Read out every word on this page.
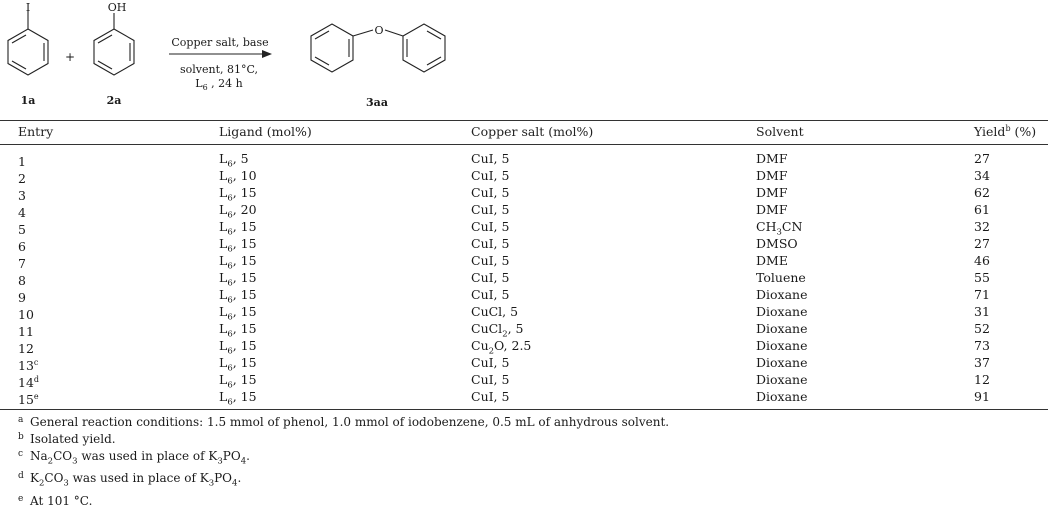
I	OH
+
1a	2a
Copper salt, base
solvent, 81°C,
$L_6$ , 24 h
O
3aa
Entry	Ligand (mol%)	Copper salt (mol%)	Solvent	Yield$^b$ (%)
1	$L_6$, 5	CuI, 5	DMF	27
2	$L_6$, 10	CuI, 5	DMF	34
3	$L_6$, 15	CuI, 5	DMF	62
4	$L_6$, 20	CuI, 5	DMF	61
5	$L_6$, 15	CuI, 5	$CH_3CN$	32
6	$L_6$, 15	CuI, 5	DMSO	27
7	$L_6$, 15	CuI, 5	DME	46
8	$L_6$, 15	CuI, 5	Toluene	55
9	$L_6$, 15	CuI, 5	Dioxane	71
10	$L_6$, 15	CuCl, 5	Dioxane	31
11	$L_6$, 15	CuCl$_2$, 5	Dioxane	52
12	$L_6$, 15	$Cu_2O$, 2.5	Dioxane	73
13$^c$	$L_6$, 15	CuI, 5	Dioxane	37
14$^d$	$L_6$, 15	CuI, 5	Dioxane	12
15e	$L_6$, 15	CuI, 5	Dioxane	91
a General reaction conditions: 1.5 mmol of phenol, 1.0 mmol of iodobenzene, 0.5 mL of anhydrous solvent.
b Isolated yield.
c $Na_2CO_3$ was used in place of $K_3PO_4$.
d $K_2CO_3$ was used in place of $K_3PO_4$.
e At 101 °C.
